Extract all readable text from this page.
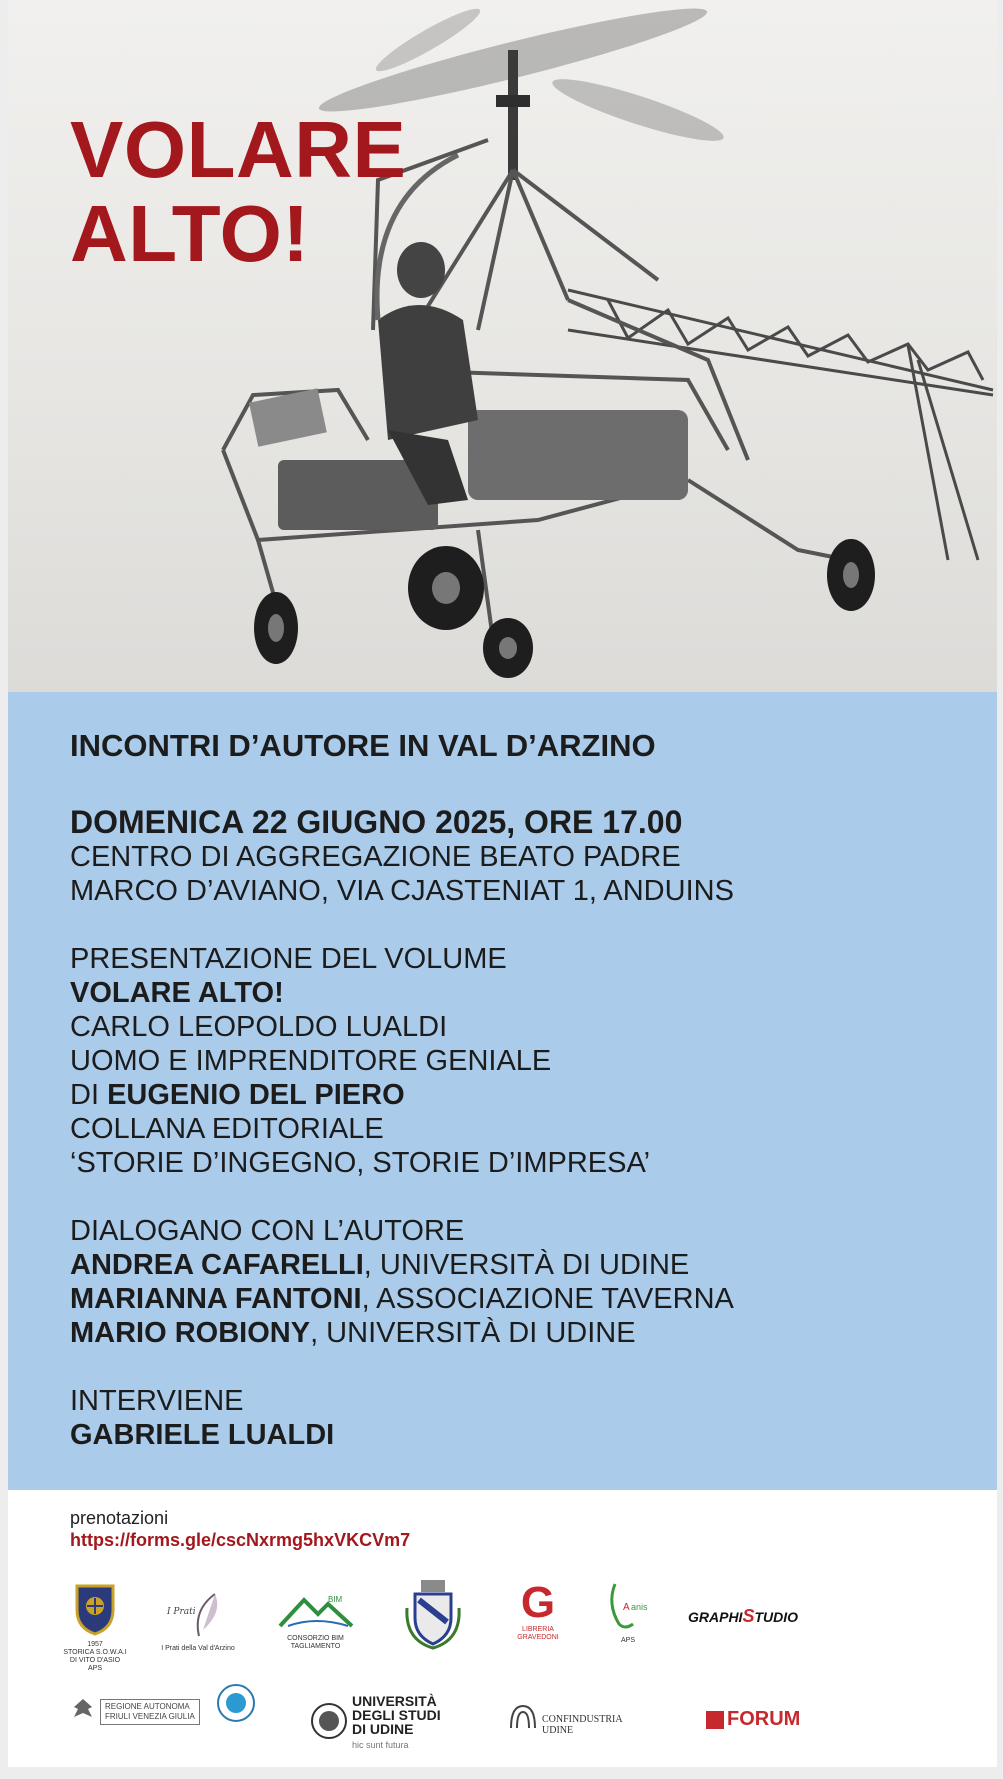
VOLARE
ALTO!

INCONTRI D’AUTORE IN VAL D’ARZINO

DOMENICA 22 GIUGNO 2025, ORE 17.00

CENTRO DI AGGREGAZIONE BEATO PADRE

MARCO D’AVIANO, VIA CJASTENIAT 1, ANDUINS

PRESENTAZIONE DEL VOLUME

VOLARE ALTO!

CARLO LEOPOLDO LUALDI

UOMO E IMPRENDITORE GENIALE

DI EUGENIO DEL PIERO

COLLANA EDITORIALE

‘STORIE D’INGEGNO, STORIE D’IMPRESA’

DIALOGANO CON L’AUTORE

ANDREA CAFARELLI, UNIVERSITÀ DI UDINE

MARIANNA FANTONI, ASSOCIAZIONE TAVERNA

MARIO ROBIONY, UNIVERSITÀ DI UDINE

INTERVIENE

GABRIELE LUALDI

prenotazioni

https://forms.gle/cscNxrmg5hxVKCVm7
1957
STORICA S.O.W.A.I
DI VITO D'ASIO APS
I Prati
I Prati della Val d'Arzino
BIM
CONSORZIO BIM TAGLIAMENTO
G
LIBRERIA
GRAVEDONI
A anis
APS
GRAPHISTUDIO
REGIONE AUTONOMA
FRIULI VENEZIA GIULIA
UNIVERSITÀ
DEGLI STUDI
DI UDINE
hic sunt futura
CONFINDUSTRIA UDINE
FORUM
